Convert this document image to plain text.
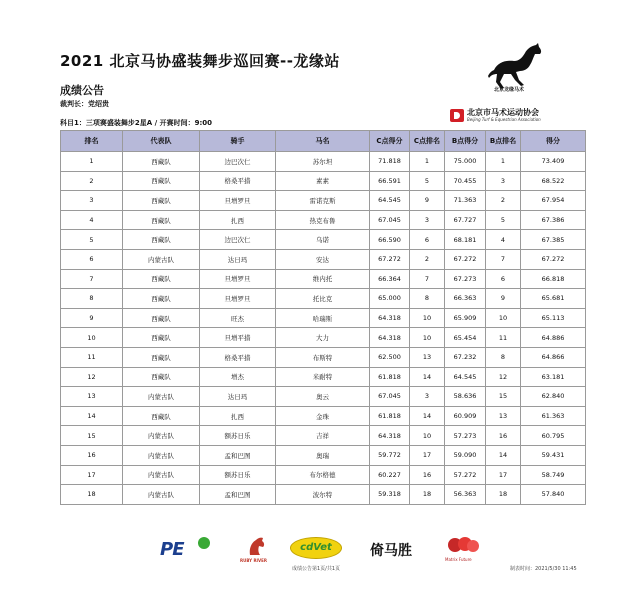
2021 北京马协盛装舞步巡回赛--龙缘站
北京龙缘马术
成绩公告
裁判长：党绍贵
北京市马术运动协会
Beijing Turf & Equestrian Association
科目1：三项赛盛装舞步2星A / 开赛时间：9:00
排名	代表队	骑手	马名	C点得分	C点排名	B点得分	B点排名	得分
1	西藏队	边巴次仁	苏尔坦	71.818	1	75.000	1	73.409
2	西藏队	格桑平措	素素	66.591	5	70.455	3	68.522
3	西藏队	旦增罗旦	雷诺克斯	64.545	9	71.363	2	67.954
4	西藏队	扎西	热克布鲁	67.045	3	67.727	5	67.386
5	西藏队	边巴次仁	乌诺	66.590	6	68.181	4	67.385
6	内蒙古队	达日玛	安达	67.272	2	67.272	7	67.272
7	西藏队	旦增罗旦	维内托	66.364	7	67.273	6	66.818
8	西藏队	旦增罗旦	托比克	65.000	8	66.363	9	65.681
9	西藏队	旺杰	哈瑞斯	64.318	10	65.909	10	65.113
10	西藏队	旦增平措	大力	64.318	10	65.454	11	64.886
11	西藏队	格桑平措	布斯特	62.500	13	67.232	8	64.866
12	西藏队	增杰	米耐特	61.818	14	64.545	12	63.181
13	内蒙古队	达日玛	奥云	67.045	3	58.636	15	62.840
14	西藏队	扎西	金珠	61.818	14	60.909	13	61.363
15	内蒙古队	额苏日乐	吉祥	64.318	10	57.273	16	60.795
16	内蒙古队	孟和巴图	奥瑞	59.772	17	59.090	14	59.431
17	内蒙古队	额苏日乐	布尔格德	60.227	16	57.272	17	58.749
18	内蒙古队	孟和巴图	波尔特	59.318	18	56.363	18	57.840
PE
RUBY RIVER
cdVet	倚马胜
Matrix Future
成绩公告第1页/共1页	制表时间：2021/5/30 11:45
